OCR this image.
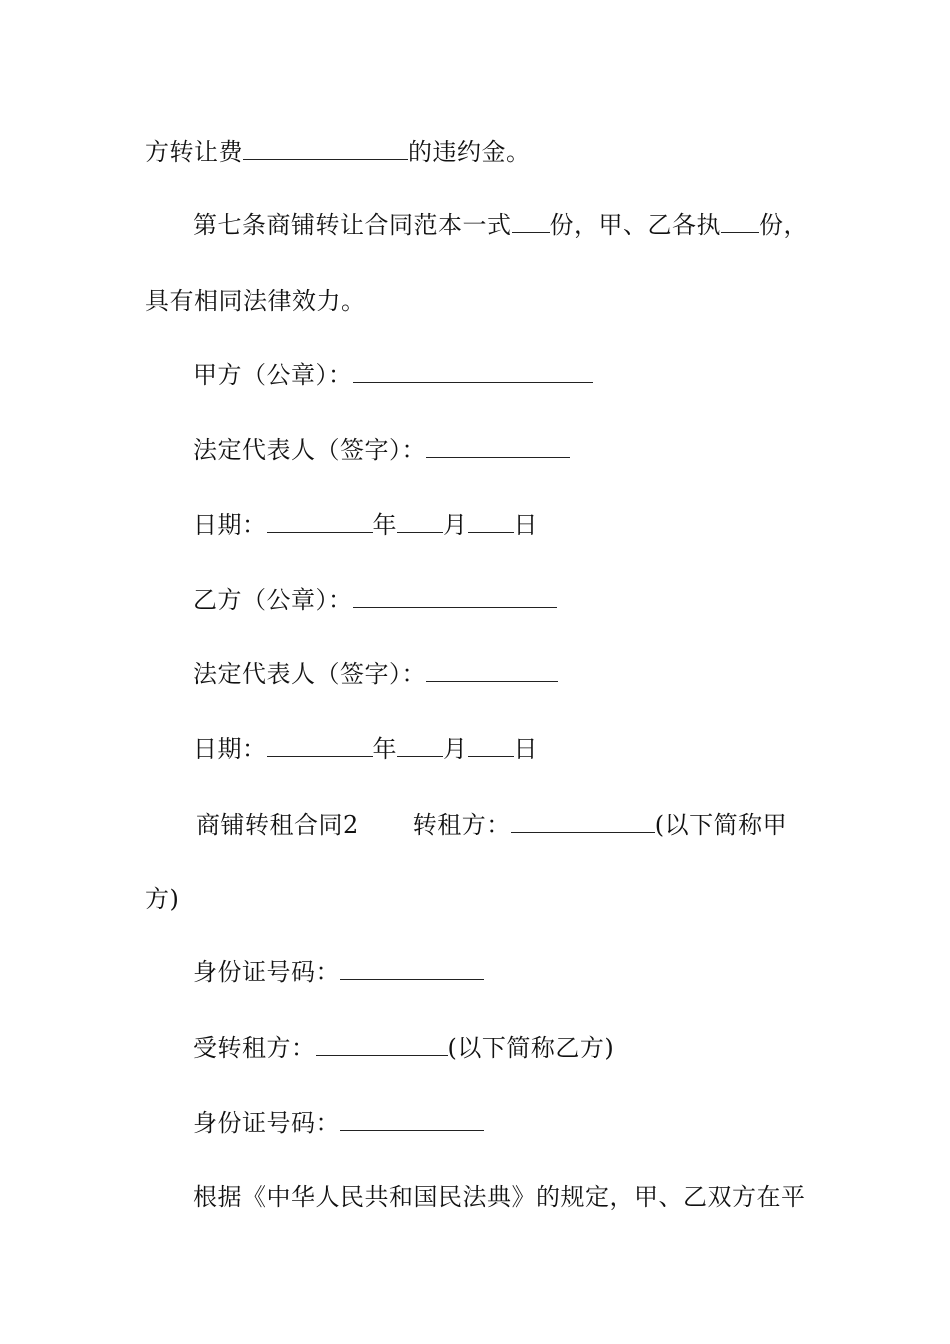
方转让费	的违约金。
第七条商铺转让合同范本一式 份，甲、乙各执 份，
具有相同法律效力。
甲方（公章）：
法定代表人（签字）：
日期：	年 月 日
乙方（公章）：
法定代表人（签字）：
日期：	年 月 日
商铺转租合同2 转租方：	(以下简称甲
方)
身份证号码：
受转租方：	(以下简称乙方)
身份证号码：
根据《中华人民共和国民法典》的规定，甲、乙双方在平
